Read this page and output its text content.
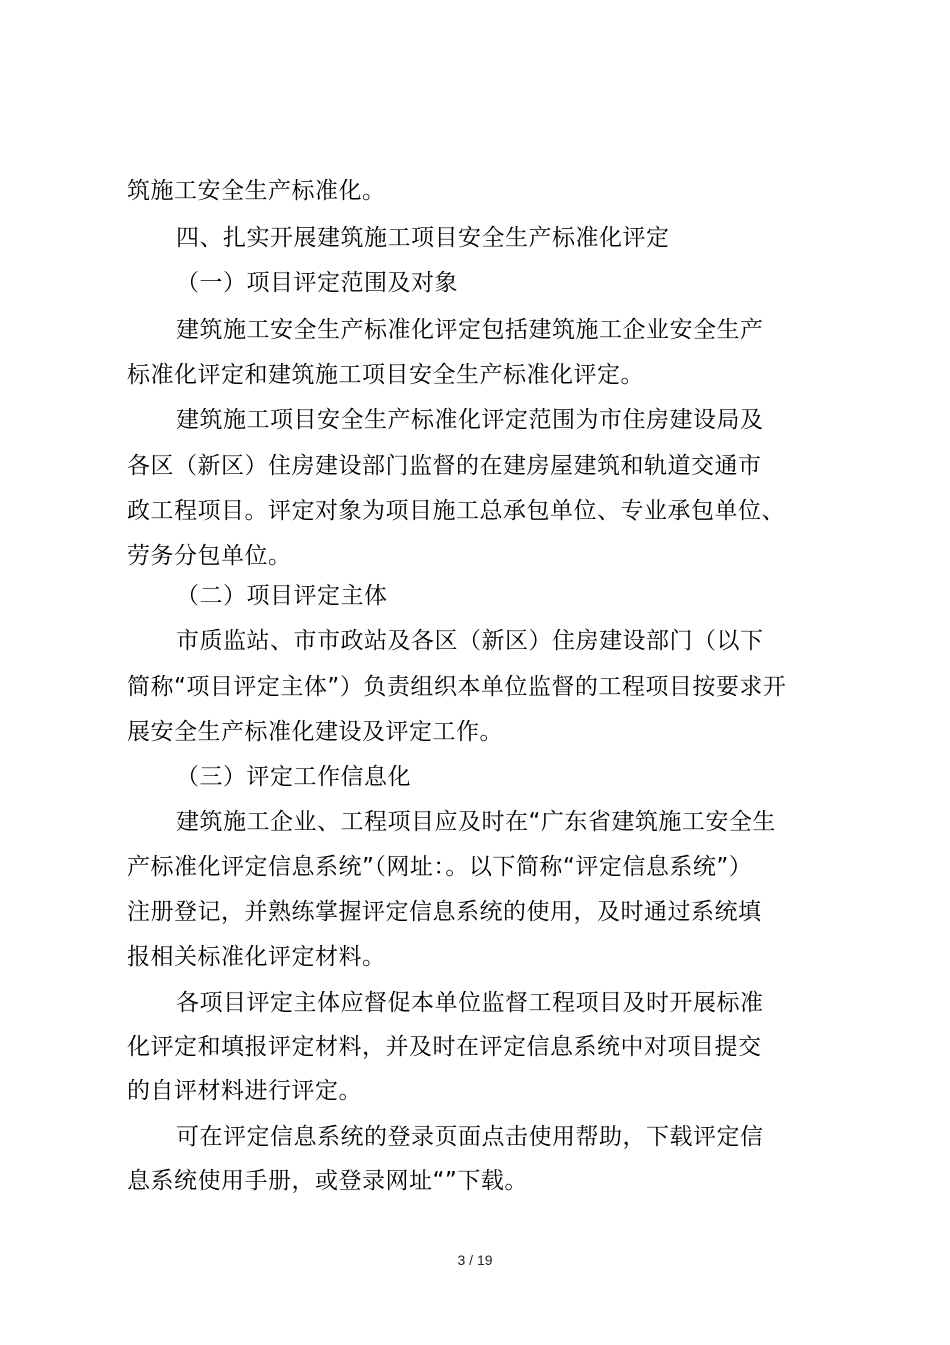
筑施工安全生产标准化。
四、扎实开展建筑施工项目安全生产标准化评定
（一）项目评定范围及对象
建筑施工安全生产标准化评定包括建筑施工企业安全生产
标准化评定和建筑施工项目安全生产标准化评定。
建筑施工项目安全生产标准化评定范围为市住房建设局及
各区（新区）住房建设部门监督的在建房屋建筑和轨道交通市
政工程项目。评定对象为项目施工总承包单位、专业承包单位、
劳务分包单位。
（二）项目评定主体
市质监站、市市政站及各区（新区）住房建设部门（以下
简称“项目评定主体”）负责组织本单位监督的工程项目按要求开
展安全生产标准化建设及评定工作。
（三）评定工作信息化
建筑施工企业、工程项目应及时在“广东省建筑施工安全生
产标准化评定信息系统”（网址：。以下简称“评定信息系统”）
注册登记，并熟练掌握评定信息系统的使用，及时通过系统填
报相关标准化评定材料。
各项目评定主体应督促本单位监督工程项目及时开展标准
化评定和填报评定材料，并及时在评定信息系统中对项目提交
的自评材料进行评定。
可在评定信息系统的登录页面点击使用帮助，下载评定信
息系统使用手册，或登录网址“”下载。
3 / 19
